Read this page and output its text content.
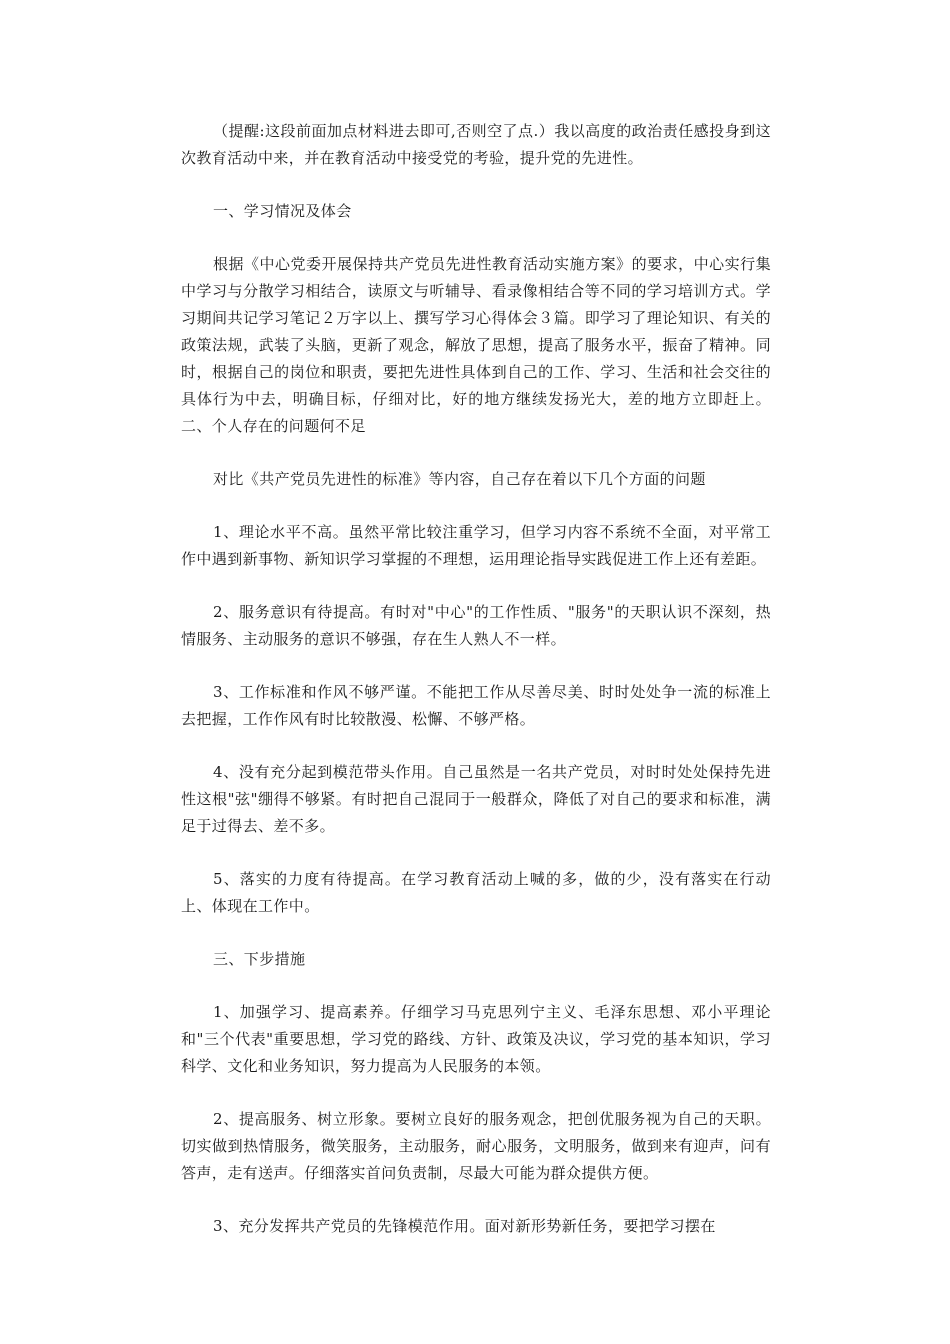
（提醒:这段前面加点材料进去即可,否则空了点.）我以高度的政治责任感投身到这次教育活动中来，并在教育活动中接受党的考验，提升党的先进性。

一、学习情况及体会

根据《中心党委开展保持共产党员先进性教育活动实施方案》的要求，中心实行集中学习与分散学习相结合，读原文与听辅导、看录像相结合等不同的学习培训方式。学习期间共记学习笔记２万字以上、撰写学习心得体会３篇。即学习了理论知识、有关的政策法规，武装了头脑，更新了观念，解放了思想，提高了服务水平，振奋了精神。同时，根据自己的岗位和职责，要把先进性具体到自己的工作、学习、生活和社会交往的具体行为中去，明确目标，仔细对比，好的地方继续发扬光大，差的地方立即赶上。二、个人存在的问题何不足

对比《共产党员先进性的标准》等内容，自己存在着以下几个方面的问题

1、理论水平不高。虽然平常比较注重学习，但学习内容不系统不全面，对平常工作中遇到新事物、新知识学习掌握的不理想，运用理论指导实践促进工作上还有差距。

2、服务意识有待提高。有时对"中心"的工作性质、"服务"的天职认识不深刻，热情服务、主动服务的意识不够强，存在生人熟人不一样。

3、工作标准和作风不够严谨。不能把工作从尽善尽美、时时处处争一流的标准上去把握，工作作风有时比较散漫、松懈、不够严格。

4、没有充分起到模范带头作用。自己虽然是一名共产党员，对时时处处保持先进性这根"弦"绷得不够紧。有时把自己混同于一般群众，降低了对自己的要求和标准，满足于过得去、差不多。

5、落实的力度有待提高。在学习教育活动上喊的多，做的少，没有落实在行动上、体现在工作中。

三、下步措施

1、加强学习、提高素养。仔细学习马克思列宁主义、毛泽东思想、邓小平理论和"三个代表"重要思想，学习党的路线、方针、政策及决议，学习党的基本知识，学习科学、文化和业务知识，努力提高为人民服务的本领。

2、提高服务、树立形象。要树立良好的服务观念，把创优服务视为自己的天职。切实做到热情服务，微笑服务，主动服务，耐心服务，文明服务，做到来有迎声，问有答声，走有送声。仔细落实首问负责制，尽最大可能为群众提供方便。

3、充分发挥共产党员的先锋模范作用。面对新形势新任务，要把学习摆在
